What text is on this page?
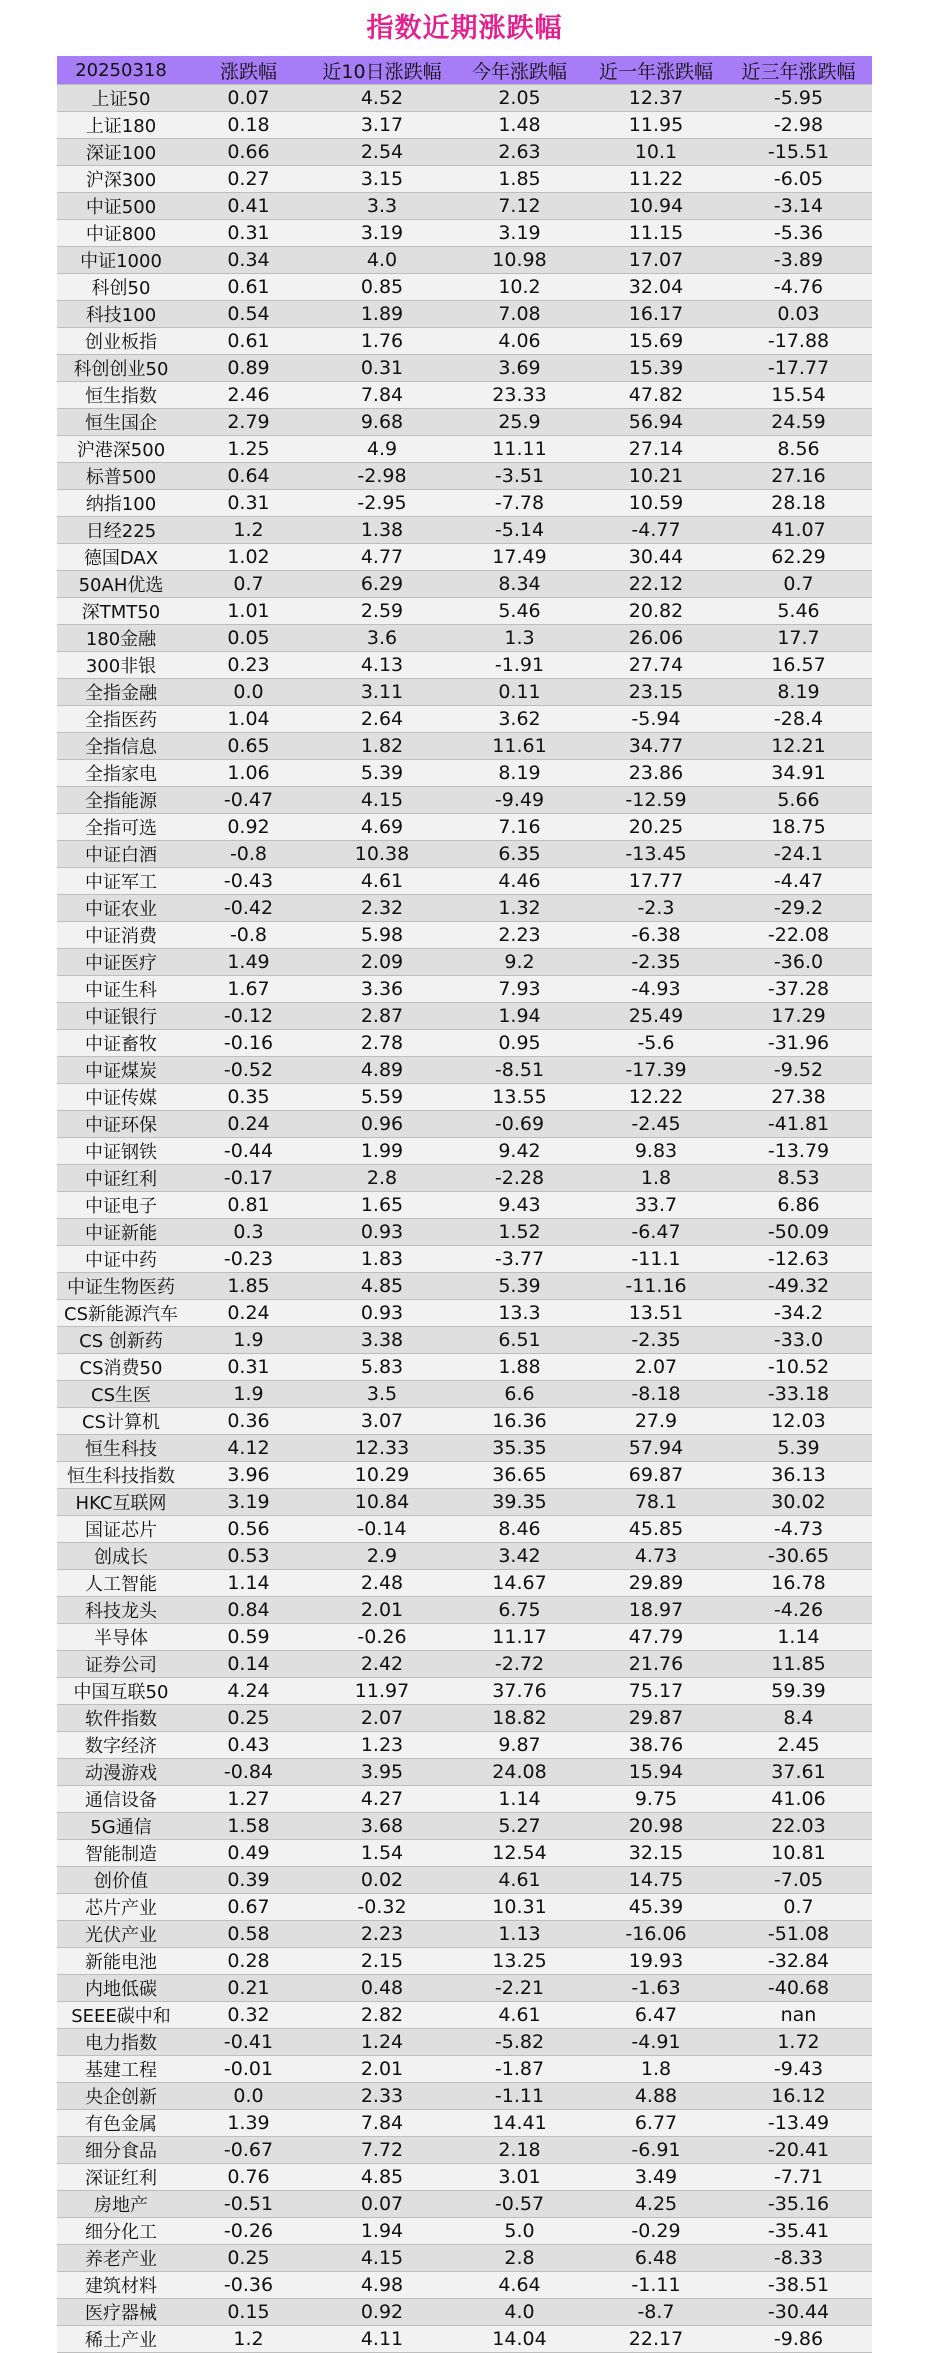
指数近期涨跌幅
20250318	涨跌幅	近10日涨跌幅	今年涨跌幅	近一年涨跌幅	近三年涨跌幅
上证50	0.07	4.52	2.05	12.37	-5.95
上证180	0.18	3.17	1.48	11.95	-2.98
深证100	0.66	2.54	2.63	10.1	-15.51
沪深300	0.27	3.15	1.85	11.22	-6.05
中证500	0.41	3.3	7.12	10.94	-3.14
中证800	0.31	3.19	3.19	11.15	-5.36
中证1000	0.34	4.0	10.98	17.07	-3.89
科创50	0.61	0.85	10.2	32.04	-4.76
科技100	0.54	1.89	7.08	16.17	0.03
创业板指	0.61	1.76	4.06	15.69	-17.88
科创创业50	0.89	0.31	3.69	15.39	-17.77
恒生指数	2.46	7.84	23.33	47.82	15.54
恒生国企	2.79	9.68	25.9	56.94	24.59
沪港深500	1.25	4.9	11.11	27.14	8.56
标普500	0.64	-2.98	-3.51	10.21	27.16
纳指100	0.31	-2.95	-7.78	10.59	28.18
日经225	1.2	1.38	-5.14	-4.77	41.07
德国DAX	1.02	4.77	17.49	30.44	62.29
50AH优选	0.7	6.29	8.34	22.12	0.7
深TMT50	1.01	2.59	5.46	20.82	5.46
180金融	0.05	3.6	1.3	26.06	17.7
300非银	0.23	4.13	-1.91	27.74	16.57
全指金融	0.0	3.11	0.11	23.15	8.19
全指医药	1.04	2.64	3.62	-5.94	-28.4
全指信息	0.65	1.82	11.61	34.77	12.21
全指家电	1.06	5.39	8.19	23.86	34.91
全指能源	-0.47	4.15	-9.49	-12.59	5.66
全指可选	0.92	4.69	7.16	20.25	18.75
中证白酒	-0.8	10.38	6.35	-13.45	-24.1
中证军工	-0.43	4.61	4.46	17.77	-4.47
中证农业	-0.42	2.32	1.32	-2.3	-29.2
中证消费	-0.8	5.98	2.23	-6.38	-22.08
中证医疗	1.49	2.09	9.2	-2.35	-36.0
中证生科	1.67	3.36	7.93	-4.93	-37.28
中证银行	-0.12	2.87	1.94	25.49	17.29
中证畜牧	-0.16	2.78	0.95	-5.6	-31.96
中证煤炭	-0.52	4.89	-8.51	-17.39	-9.52
中证传媒	0.35	5.59	13.55	12.22	27.38
中证环保	0.24	0.96	-0.69	-2.45	-41.81
中证钢铁	-0.44	1.99	9.42	9.83	-13.79
中证红利	-0.17	2.8	-2.28	1.8	8.53
中证电子	0.81	1.65	9.43	33.7	6.86
中证新能	0.3	0.93	1.52	-6.47	-50.09
中证中药	-0.23	1.83	-3.77	-11.1	-12.63
中证生物医药	1.85	4.85	5.39	-11.16	-49.32
CS新能源汽车	0.24	0.93	13.3	13.51	-34.2
CS 创新药	1.9	3.38	6.51	-2.35	-33.0
CS消费50	0.31	5.83	1.88	2.07	-10.52
CS生医	1.9	3.5	6.6	-8.18	-33.18
CS计算机	0.36	3.07	16.36	27.9	12.03
恒生科技	4.12	12.33	35.35	57.94	5.39
恒生科技指数	3.96	10.29	36.65	69.87	36.13
HKC互联网	3.19	10.84	39.35	78.1	30.02
国证芯片	0.56	-0.14	8.46	45.85	-4.73
创成长	0.53	2.9	3.42	4.73	-30.65
人工智能	1.14	2.48	14.67	29.89	16.78
科技龙头	0.84	2.01	6.75	18.97	-4.26
半导体	0.59	-0.26	11.17	47.79	1.14
证券公司	0.14	2.42	-2.72	21.76	11.85
中国互联50	4.24	11.97	37.76	75.17	59.39
软件指数	0.25	2.07	18.82	29.87	8.4
数字经济	0.43	1.23	9.87	38.76	2.45
动漫游戏	-0.84	3.95	24.08	15.94	37.61
通信设备	1.27	4.27	1.14	9.75	41.06
5G通信	1.58	3.68	5.27	20.98	22.03
智能制造	0.49	1.54	12.54	32.15	10.81
创价值	0.39	0.02	4.61	14.75	-7.05
芯片产业	0.67	-0.32	10.31	45.39	0.7
光伏产业	0.58	2.23	1.13	-16.06	-51.08
新能电池	0.28	2.15	13.25	19.93	-32.84
内地低碳	0.21	0.48	-2.21	-1.63	-40.68
SEEE碳中和	0.32	2.82	4.61	6.47	nan
电力指数	-0.41	1.24	-5.82	-4.91	1.72
基建工程	-0.01	2.01	-1.87	1.8	-9.43
央企创新	0.0	2.33	-1.11	4.88	16.12
有色金属	1.39	7.84	14.41	6.77	-13.49
细分食品	-0.67	7.72	2.18	-6.91	-20.41
深证红利	0.76	4.85	3.01	3.49	-7.71
房地产	-0.51	0.07	-0.57	4.25	-35.16
细分化工	-0.26	1.94	5.0	-0.29	-35.41
养老产业	0.25	4.15	2.8	6.48	-8.33
建筑材料	-0.36	4.98	4.64	-1.11	-38.51
医疗器械	0.15	0.92	4.0	-8.7	-30.44
稀土产业	1.2	4.11	14.04	22.17	-9.86
